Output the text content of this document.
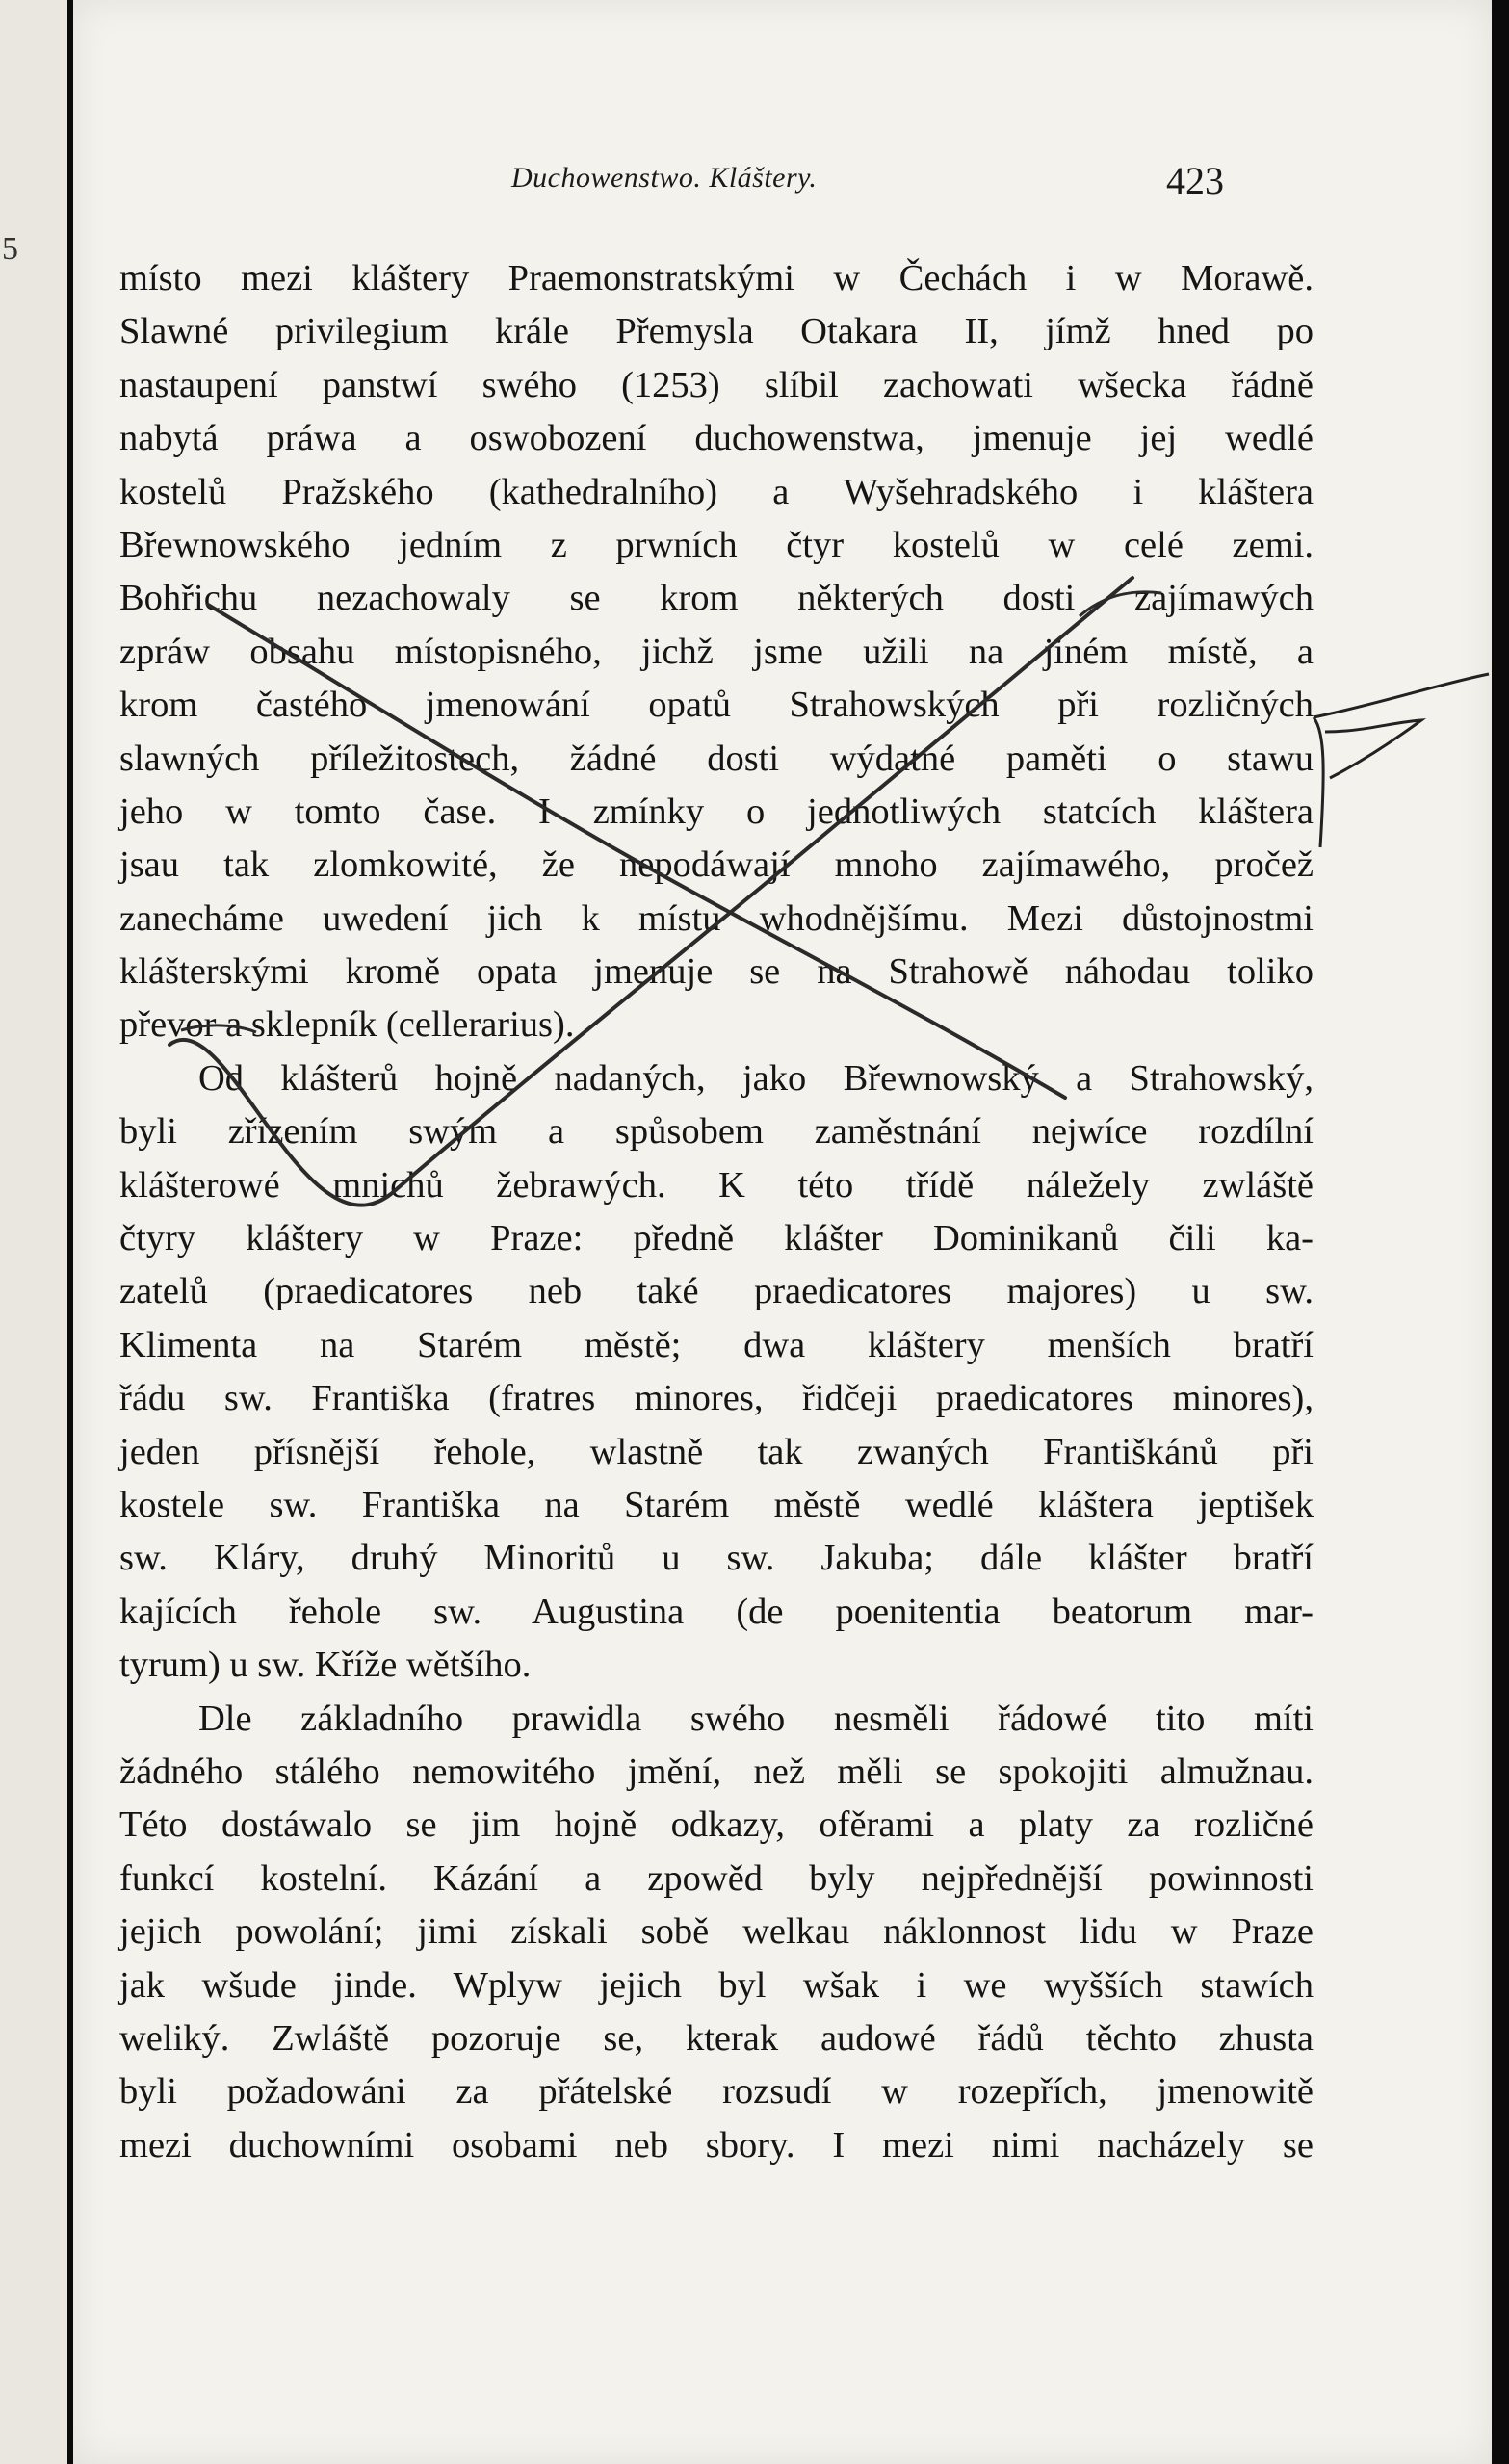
5
Duchowenstwo. Kláštery.	423
místo mezi kláštery Praemonstratskými w Čechách i w Morawě.
Slawné privilegium krále Přemysla Otakara II, jímž hned po
nastaupení panstwí swého (1253) slíbil zachowati wšecka řádně
nabytá práwa a oswobození duchowenstwa, jmenuje jej wedlé
kostelů Pražského (kathedralního) a Wyšehradského i kláštera
Břewnowského jedním z prwních čtyr kostelů w celé zemi.
Bohřichu nezachowaly se krom některých dosti zajímawých
zpráw obsahu místopisného, jichž jsme užili na jiném místě, a
krom častého jmenowání opatů Strahowských při rozličných
slawných příležitostech, žádné dosti wýdatné paměti o stawu
jeho w tomto čase. I zmínky o jednotliwých statcích kláštera
jsau tak zlomkowité, že nepodáwají mnoho zajímawého, pročež
zanecháme uwedení jich k místu whodnějšímu. Mezi důstojnostmi
klášterskými kromě opata jmenuje se na Strahowě náhodau toliko
převor a sklepník (cellerarius).
Od klášterů hojně nadaných, jako Břewnowský a Strahowský,
byli zřízením swým a spůsobem zaměstnání nejwíce rozdílní
klášterowé mnichů žebrawých. K této třídě náležely zwláště
čtyry kláštery w Praze: předně klášter Dominikanů čili ka-
zatelů (praedicatores neb také praedicatores majores) u sw.
Klimenta na Starém městě; dwa kláštery menších bratří
řádu sw. Františka (fratres minores, řidčeji praedicatores minores),
jeden přísnější řehole, wlastně tak zwaných Františkánů při
kostele sw. Františka na Starém městě wedlé kláštera jeptišek
sw. Kláry, druhý Minoritů u sw. Jakuba; dále klášter bratří
kajících řehole sw. Augustina (de poenitentia beatorum mar-
tyrum) u sw. Kříže wětšího.
Dle základního prawidla swého nesměli řádowé tito míti
žádného stálého nemowitého jmění, než měli se spokojiti almužnau.
Této dostáwalo se jim hojně odkazy, ofěrami a platy za rozličné
funkcí kostelní. Kázání a zpowěd byly nejpřednější powinnosti
jejich powolání; jimi získali sobě welkau náklonnost lidu w Praze
jak wšude jinde. Wplyw jejich byl wšak i we wyšších stawích
weliký. Zwláště pozoruje se, kterak audowé řádů těchto zhusta
byli požadowáni za přátelské rozsudí w rozepřích, jmenowitě
mezi duchowními osobami neb sbory. I mezi nimi nacházely se
